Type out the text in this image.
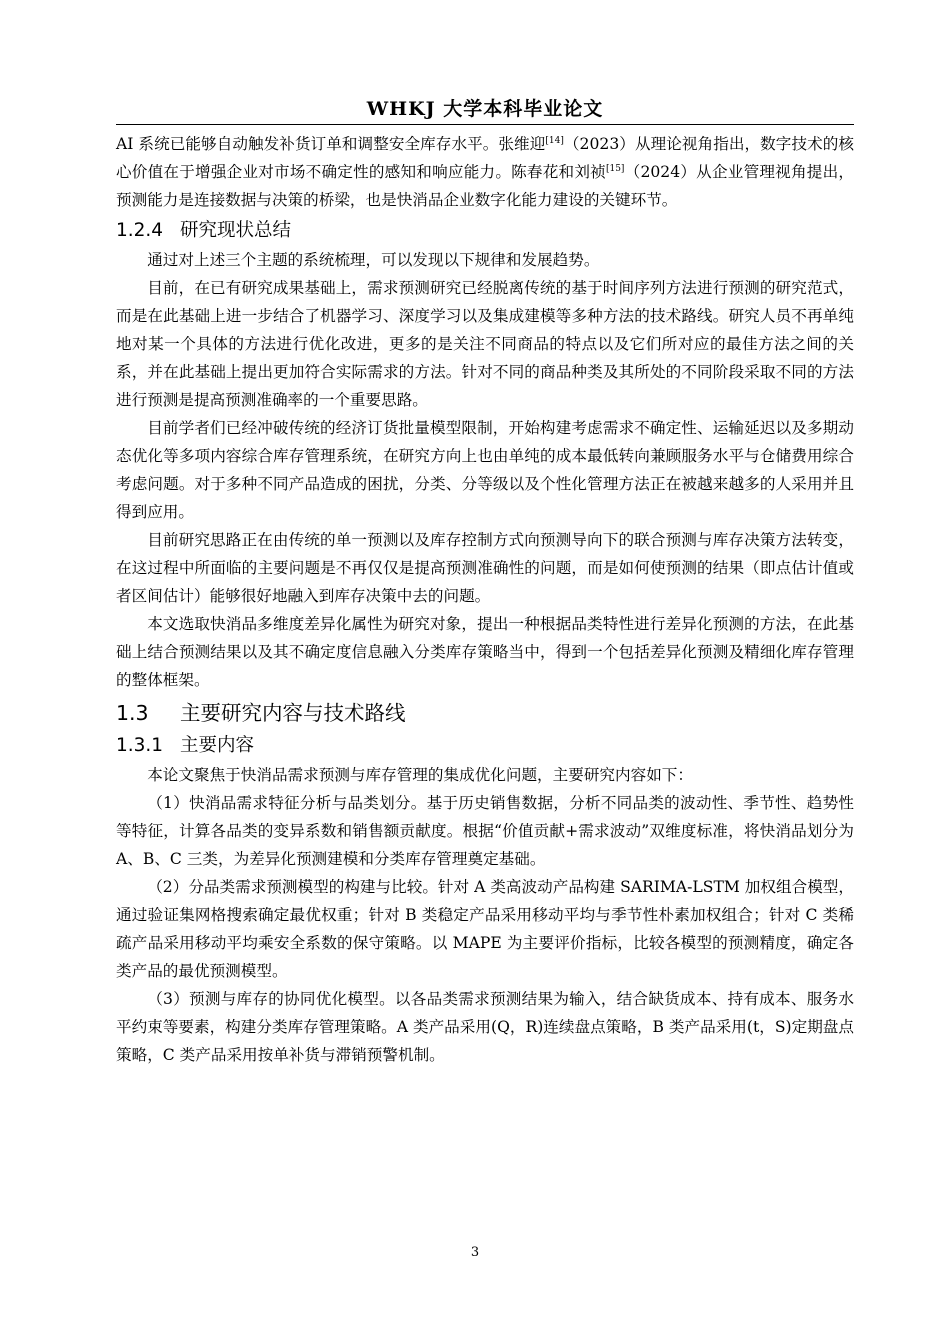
WHKJ 大学本科毕业论文

AI 系统已能够自动触发补货订单和调整安全库存水平。张维迎[14]（2023）从理论视角指出，数字技术的核心价值在于增强企业对市场不确定性的感知和响应能力。陈春花和刘祯[15]（2024）从企业管理视角提出，预测能力是连接数据与决策的桥梁，也是快消品企业数字化能力建设的关键环节。

1.2.4 研究现状总结

通过对上述三个主题的系统梳理，可以发现以下规律和发展趋势。

目前，在已有研究成果基础上，需求预测研究已经脱离传统的基于时间序列方法进行预测的研究范式，而是在此基础上进一步结合了机器学习、深度学习以及集成建模等多种方法的技术路线。研究人员不再单纯地对某一个具体的方法进行优化改进，更多的是关注不同商品的特点以及它们所对应的最佳方法之间的关系，并在此基础上提出更加符合实际需求的方法。针对不同的商品种类及其所处的不同阶段采取不同的方法进行预测是提高预测准确率的一个重要思路。

目前学者们已经冲破传统的经济订货批量模型限制，开始构建考虑需求不确定性、运输延迟以及多期动态优化等多项内容综合库存管理系统，在研究方向上也由单纯的成本最低转向兼顾服务水平与仓储费用综合考虑问题。对于多种不同产品造成的困扰，分类、分等级以及个性化管理方法正在被越来越多的人采用并且得到应用。

目前研究思路正在由传统的单一预测以及库存控制方式向预测导向下的联合预测与库存决策方法转变，在这过程中所面临的主要问题是不再仅仅是提高预测准确性的问题，而是如何使预测的结果（即点估计值或者区间估计）能够很好地融入到库存决策中去的问题。

本文选取快消品多维度差异化属性为研究对象，提出一种根据品类特性进行差异化预测的方法，在此基础上结合预测结果以及其不确定度信息融入分类库存策略当中，得到一个包括差异化预测及精细化库存管理的整体框架。

1.3 主要研究内容与技术路线
1.3.1 主要内容

本论文聚焦于快消品需求预测与库存管理的集成优化问题，主要研究内容如下：

（1）快消品需求特征分析与品类划分。基于历史销售数据，分析不同品类的波动性、季节性、趋势性等特征，计算各品类的变异系数和销售额贡献度。根据“价值贡献+需求波动”双维度标准，将快消品划分为 A、B、C 三类，为差异化预测建模和分类库存管理奠定基础。

（2）分品类需求预测模型的构建与比较。针对 A 类高波动产品构建 SARIMA-LSTM 加权组合模型，通过验证集网格搜索确定最优权重；针对 B 类稳定产品采用移动平均与季节性朴素加权组合；针对 C 类稀疏产品采用移动平均乘安全系数的保守策略。以 MAPE 为主要评价指标，比较各模型的预测精度，确定各类产品的最优预测模型。

（3）预测与库存的协同优化模型。以各品类需求预测结果为输入，结合缺货成本、持有成本、服务水平约束等要素，构建分类库存管理策略。A 类产品采用(Q，R)连续盘点策略，B 类产品采用(t，S)定期盘点策略，C 类产品采用按单补货与滞销预警机制。

3
